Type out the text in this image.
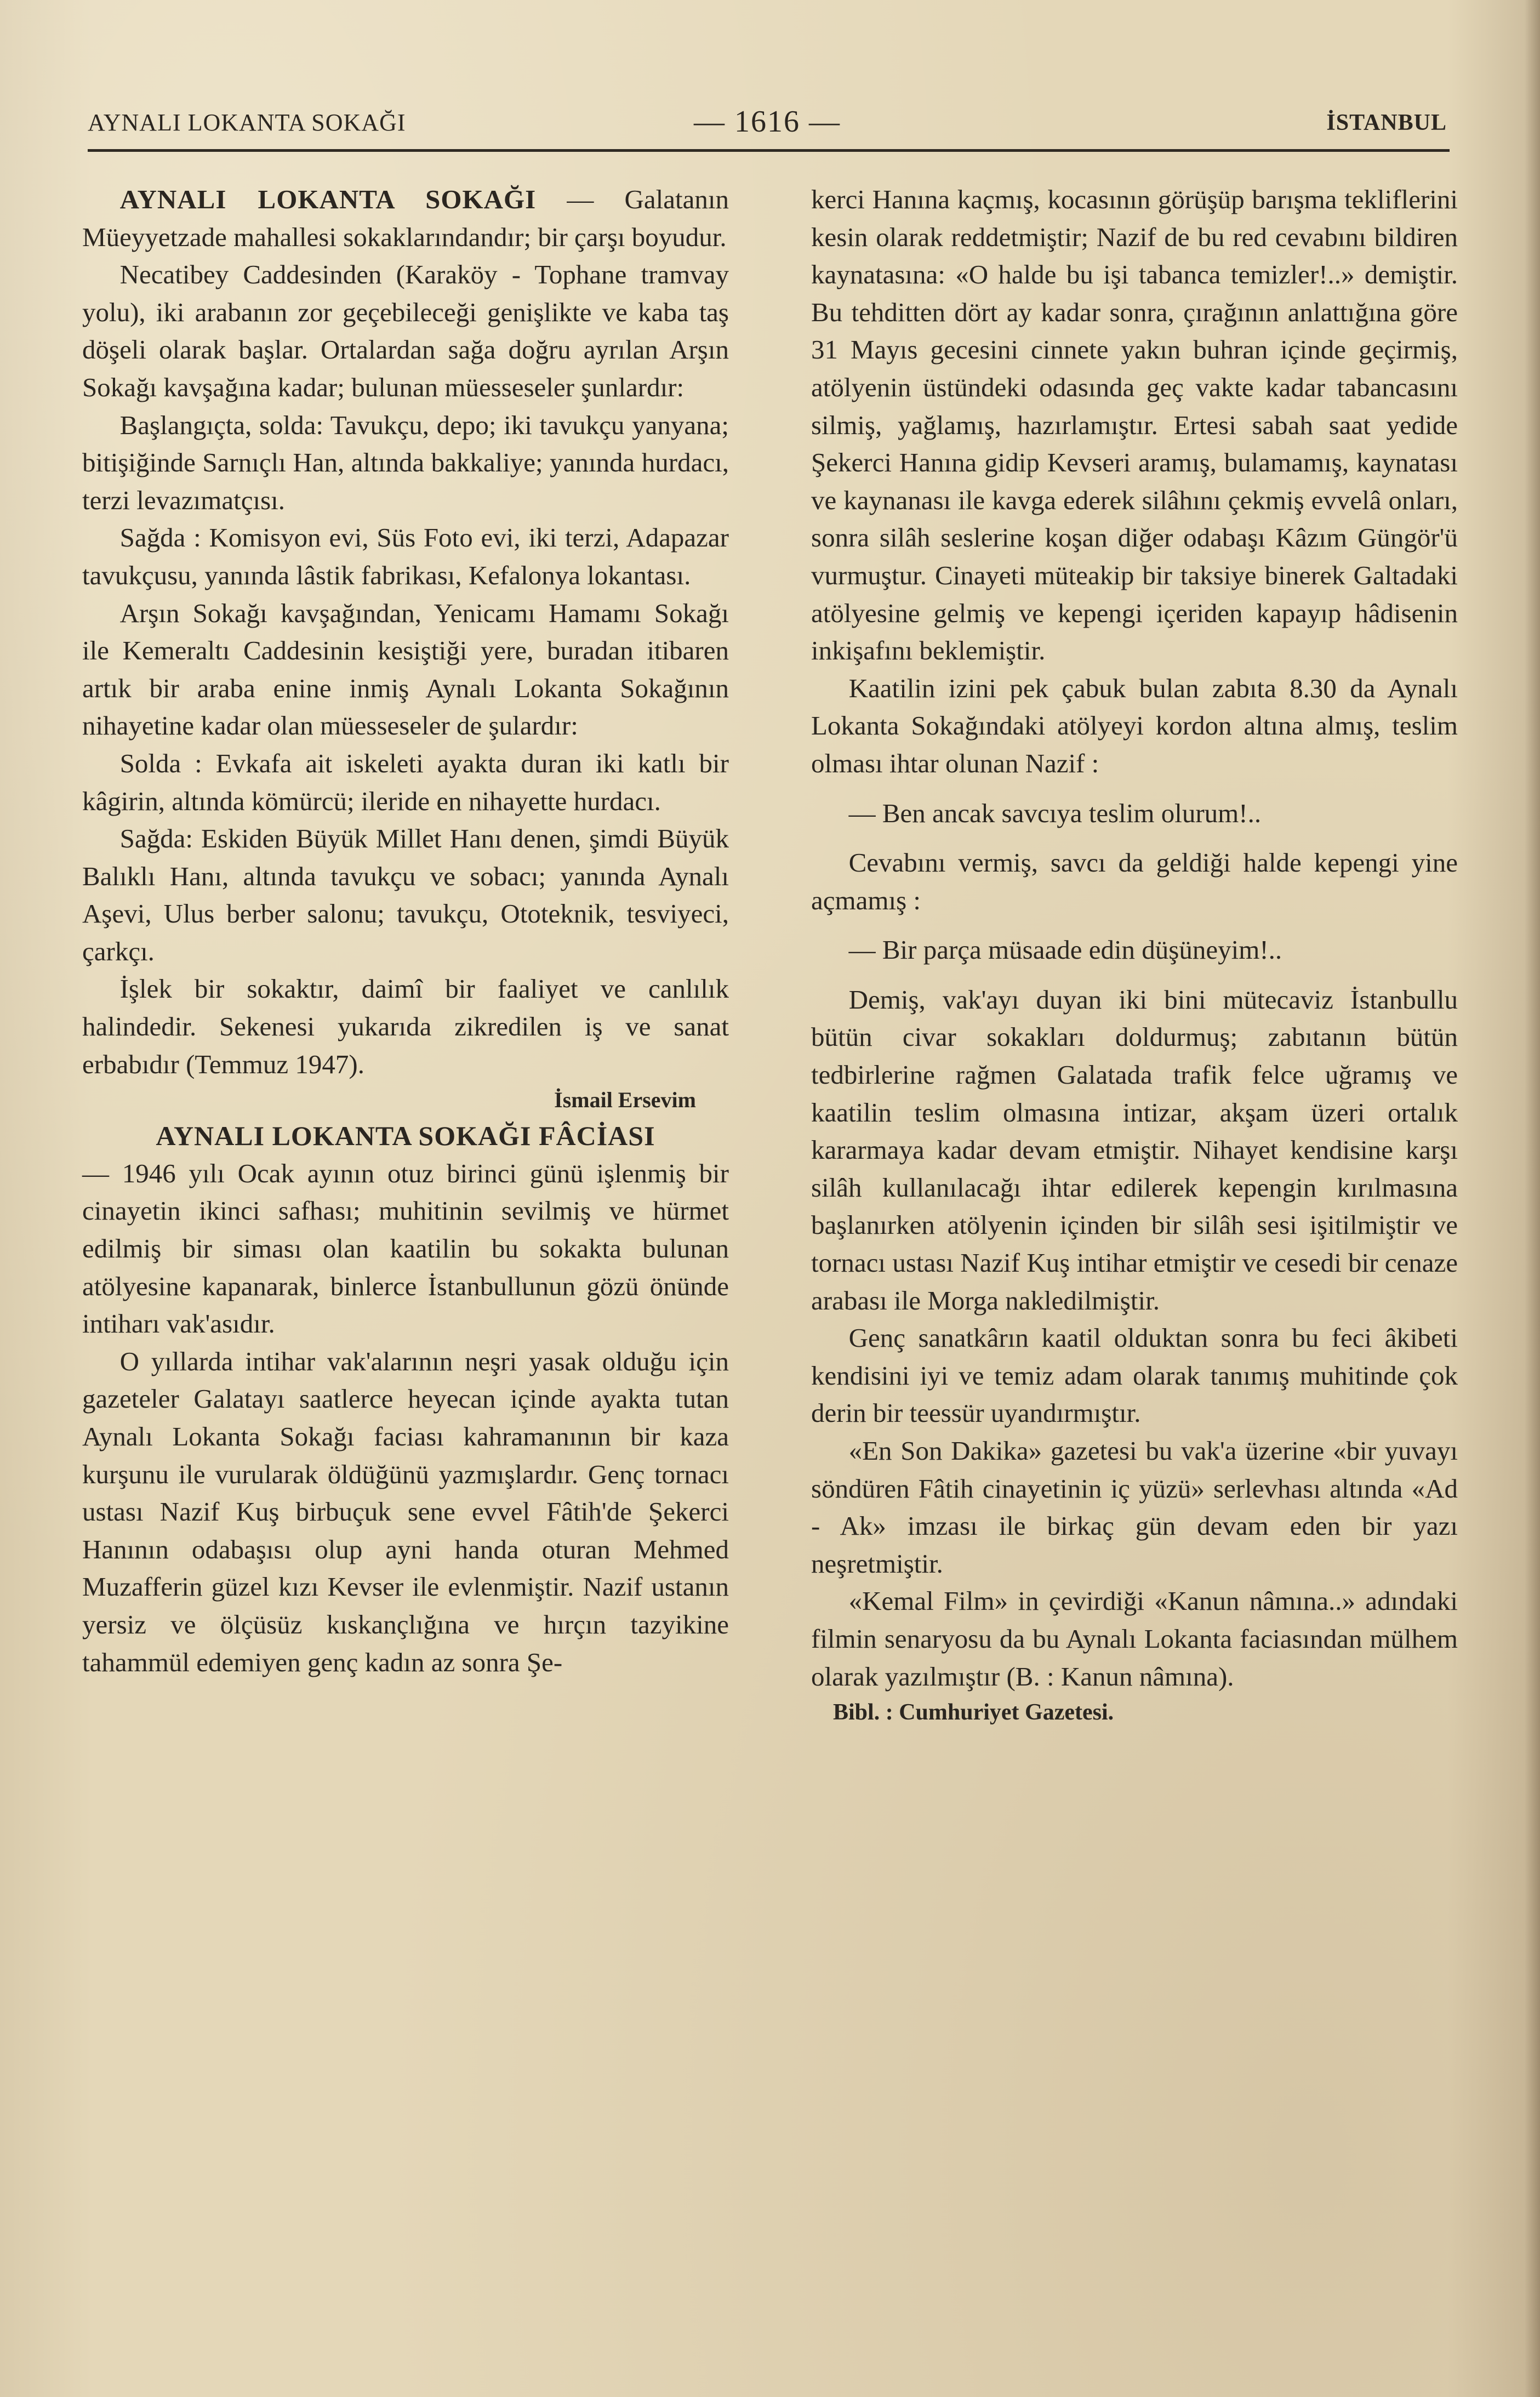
AYNALI LOKANTA SOKAĞI	— 1616 —	İSTANBUL

AYNALI LOKANTA SOKAĞI — Galatanın Müeyyetzade mahallesi sokaklarındandır; bir çarşı boyudur.

Necatibey Caddesinden (Karaköy - Tophane tramvay yolu), iki arabanın zor geçebileceği genişlikte ve kaba taş döşeli olarak başlar. Ortalardan sağa doğru ayrılan Arşın Sokağı kavşağına kadar; bulunan müesseseler şunlardır:

Başlangıçta, solda: Tavukçu, depo; iki tavukçu yanyana; bitişiğinde Sarnıçlı Han, altında bakkaliye; yanında hurdacı, terzi levazımatçısı.

Sağda : Komisyon evi, Süs Foto evi, iki terzi, Adapazar tavukçusu, yanında lâstik fabrikası, Kefalonya lokantası.

Arşın Sokağı kavşağından, Yenicamı Hamamı Sokağı ile Kemeraltı Caddesinin kesiştiği yere, buradan itibaren artık bir araba enine inmiş Aynalı Lokanta Sokağının nihayetine kadar olan müesseseler de şulardır:

Solda : Evkafa ait iskeleti ayakta duran iki katlı bir kâgirin, altında kömürcü; ileride en nihayette hurdacı.

Sağda: Eskiden Büyük Millet Hanı denen, şimdi Büyük Balıklı Hanı, altında tavukçu ve sobacı; yanında Aynalı Aşevi, Ulus berber salonu; tavukçu, Ototeknik, tesviyeci, çarkçı.

İşlek bir sokaktır, daimî bir faaliyet ve canlılık halindedir. Sekenesi yukarıda zikredilen iş ve sanat erbabıdır (Temmuz 1947).

İsmail Ersevim

AYNALI LOKANTA SOKAĞI FÂCİASI

— 1946 yılı Ocak ayının otuz birinci günü işlenmiş bir cinayetin ikinci safhası; muhitinin sevilmiş ve hürmet edilmiş bir siması olan kaatilin bu sokakta bulunan atölyesine kapanarak, binlerce İstanbullunun gözü önünde intiharı vak'asıdır.

O yıllarda intihar vak'alarının neşri yasak olduğu için gazeteler Galatayı saatlerce heyecan içinde ayakta tutan Aynalı Lokanta Sokağı faciası kahramanının bir kaza kurşunu ile vurularak öldüğünü yazmışlardır. Genç tornacı ustası Nazif Kuş birbuçuk sene evvel Fâtih'de Şekerci Hanının odabaşısı olup ayni handa oturan Mehmed Muzafferin güzel kızı Kevser ile evlenmiştir. Nazif ustanın yersiz ve ölçüsüz kıskançlığına ve hırçın tazyikine tahammül edemiyen genç kadın az sonra Şe-

kerci Hanına kaçmış, kocasının görüşüp barışma tekliflerini kesin olarak reddetmiştir; Nazif de bu red cevabını bildiren kaynatasına: «O halde bu işi tabanca temizler!..» demiştir. Bu tehditten dört ay kadar sonra, çırağının anlattığına göre 31 Mayıs gecesini cinnete yakın buhran içinde geçirmiş, atölyenin üstündeki odasında geç vakte kadar tabancasını silmiş, yağlamış, hazırlamıştır. Ertesi sabah saat yedide Şekerci Hanına gidip Kevseri aramış, bulamamış, kaynatası ve kaynanası ile kavga ederek silâhını çekmiş evvelâ onları, sonra silâh seslerine koşan diğer odabaşı Kâzım Güngör'ü vurmuştur. Cinayeti müteakip bir taksiye binerek Galtadaki atölyesine gelmiş ve kepengi içeriden kapayıp hâdisenin inkişafını beklemiştir.

Kaatilin izini pek çabuk bulan zabıta 8.30 da Aynalı Lokanta Sokağındaki atölyeyi kordon altına almış, teslim olması ihtar olunan Nazif :

— Ben ancak savcıya teslim olurum!..

Cevabını vermiş, savcı da geldiği halde kepengi yine açmamış :

— Bir parça müsaade edin düşüneyim!..

Demiş, vak'ayı duyan iki bini mütecaviz İstanbullu bütün civar sokakları doldurmuş; zabıtanın bütün tedbirlerine rağmen Galatada trafik felce uğramış ve kaatilin teslim olmasına intizar, akşam üzeri ortalık kararmaya kadar devam etmiştir. Nihayet kendisine karşı silâh kullanılacağı ihtar edilerek kepengin kırılmasına başlanırken atölyenin içinden bir silâh sesi işitilmiştir ve tornacı ustası Nazif Kuş intihar etmiştir ve cesedi bir cenaze arabası ile Morga nakledilmiştir.

Genç sanatkârın kaatil olduktan sonra bu feci âkibeti kendisini iyi ve temiz adam olarak tanımış muhitinde çok derin bir teessür uyandırmıştır.

«En Son Dakika» gazetesi bu vak'a üzerine «bir yuvayı söndüren Fâtih cinayetinin iç yüzü» serlevhası altında «Ad - Ak» imzası ile birkaç gün devam eden bir yazı neşretmiştir.

«Kemal Film» in çevirdiği «Kanun nâmına..» adındaki filmin senaryosu da bu Aynalı Lokanta faciasından mülhem olarak yazılmıştır (B. : Kanun nâmına).

Bibl. : Cumhuriyet Gazetesi.
